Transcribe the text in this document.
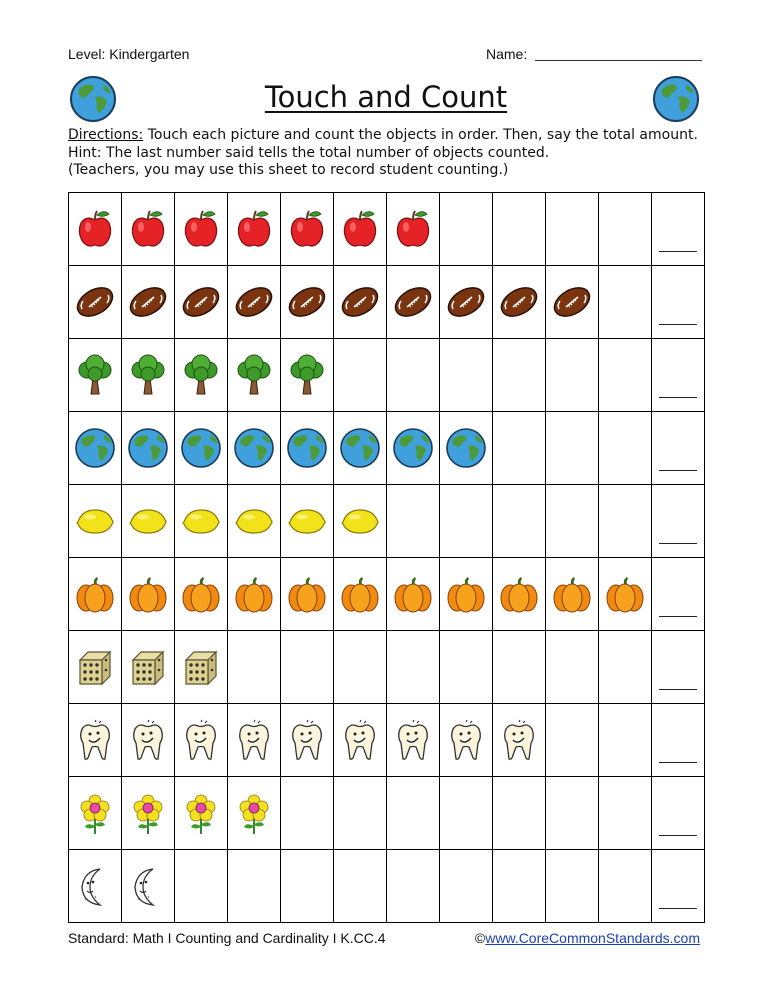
Level: Kindergarten	Name:
Touch and Count
Directions: Touch each picture and count the objects in order. Then, say the total amount.
Hint: The last number said tells the total number of objects counted.
(Teachers, you may use this sheet to record student counting.)

Standard: Math I Counting and Cardinality I K.CC.4	©www.CoreCommonStandards.com
